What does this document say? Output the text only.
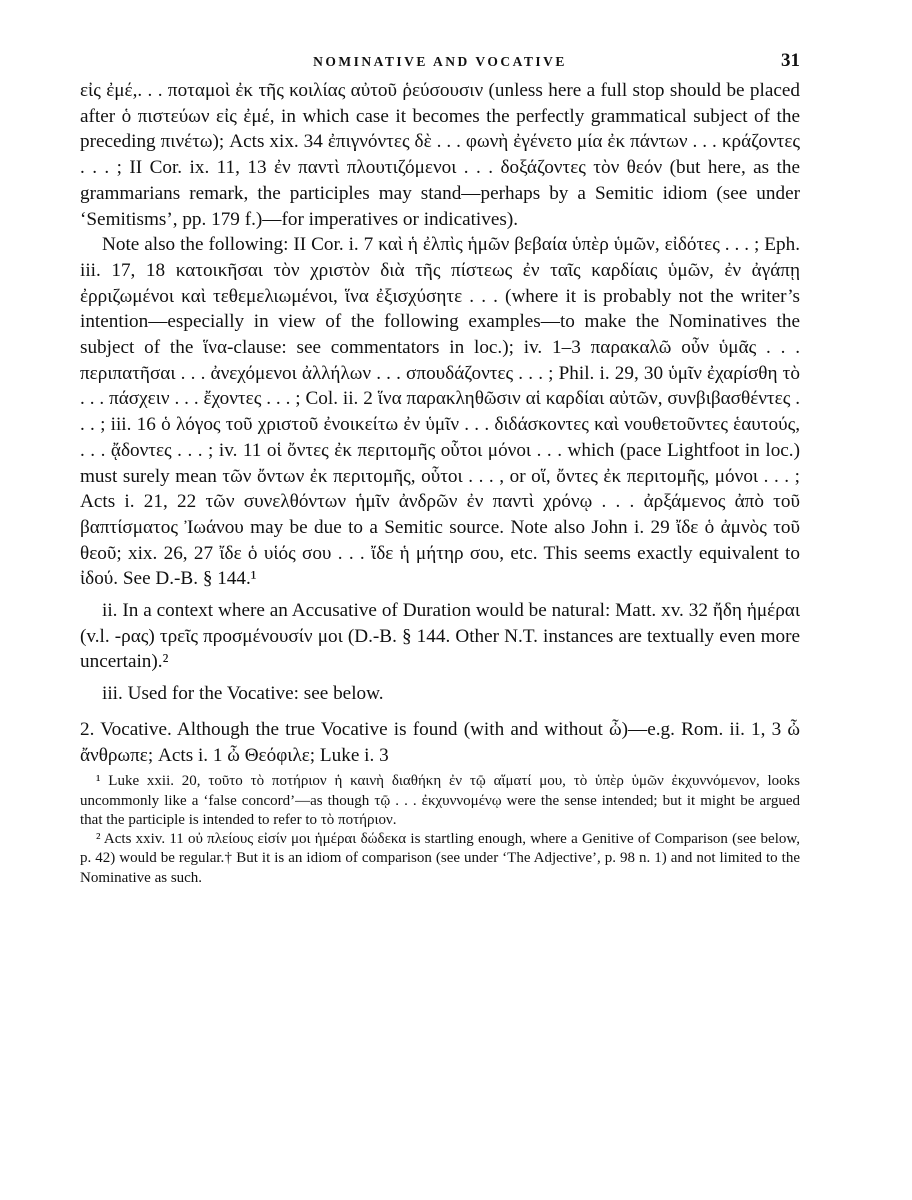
NOMINATIVE AND VOCATIVE	31

εἰς ἐμέ,. . . ποταμοὶ ἐκ τῆς κοιλίας αὐτοῦ ῥεύσουσιν (unless here a full stop should be placed after ὁ πιστεύων εἰς ἐμέ, in which case it becomes the perfectly grammatical subject of the preceding πινέτω); Acts xix. 34 ἐπιγνόντες δὲ . . . φωνὴ ἐγένετο μία ἐκ πάντων . . . κράζοντες . . . ; II Cor. ix. 11, 13 ἐν παντὶ πλουτιζόμενοι . . . δοξάζοντες τὸν θεόν (but here, as the grammarians remark, the participles may stand—perhaps by a Semitic idiom (see under ‘Semitisms’, pp. 179 f.)—for imperatives or indicatives).

Note also the following: II Cor. i. 7 καὶ ἡ ἐλπὶς ἡμῶν βεβαία ὑπὲρ ὑμῶν, εἰδότες . . . ; Eph. iii. 17, 18 κατοικῆσαι τὸν χριστὸν διὰ τῆς πίστεως ἐν ταῖς καρδίαις ὑμῶν, ἐν ἀγάπῃ ἐρριζωμένοι καὶ τεθεμελιωμένοι, ἵνα ἐξισχύσητε . . . (where it is probably not the writer’s intention—especially in view of the following examples—to make the Nominatives the subject of the ἵνα-clause: see commentators in loc.); iv. 1–3 παρακαλῶ οὖν ὑμᾶς . . . περιπατῆσαι . . . ἀνεχόμενοι ἀλλήλων . . . σπουδάζοντες . . . ; Phil. i. 29, 30 ὑμῖν ἐχαρίσθη τὸ . . . πάσχειν . . . ἔχοντες . . . ; Col. ii. 2 ἵνα παρακληθῶσιν αἱ καρδίαι αὐτῶν, συνβιβασθέντες . . . ; iii. 16 ὁ λόγος τοῦ χριστοῦ ἐνοικείτω ἐν ὑμῖν . . . διδάσκοντες καὶ νουθετοῦντες ἑαυτούς, . . . ᾄδοντες . . . ; iv. 11 οἱ ὄντες ἐκ περιτομῆς οὗτοι μόνοι . . . which (pace Lightfoot in loc.) must surely mean τῶν ὄντων ἐκ περιτομῆς, οὗτοι . . . , or οἵ, ὄντες ἐκ περιτομῆς, μόνοι . . . ; Acts i. 21, 22 τῶν συνελθόντων ἡμῖν ἀνδρῶν ἐν παντὶ χρόνῳ . . . ἀρξάμενος ἀπὸ τοῦ βαπτίσματος Ἰωάνου may be due to a Semitic source. Note also John i. 29 ἴδε ὁ ἀμνὸς τοῦ θεοῦ; xix. 26, 27 ἴδε ὁ υἱός σου . . . ἴδε ἡ μήτηρ σου, etc. This seems exactly equivalent to ἰδού. See D.-B. § 144.¹

ii. In a context where an Accusative of Duration would be natural: Matt. xv. 32 ἤδη ἡμέραι (v.l. -ρας) τρεῖς προσμένουσίν μοι (D.-B. § 144. Other N.T. instances are textually even more uncertain).²

iii. Used for the Vocative: see below.

2. Vocative. Although the true Vocative is found (with and without ὦ)—e.g. Rom. ii. 1, 3 ὦ ἄνθρωπε; Acts i. 1 ὦ Θεόφιλε; Luke i. 3

¹ Luke xxii. 20, τοῦτο τὸ ποτήριον ἡ καινὴ διαθήκη ἐν τῷ αἵματί μου, τὸ ὑπὲρ ὑμῶν ἐκχυννόμενον, looks uncommonly like a ‘false concord’—as though τῷ . . . ἐκχυννομένῳ were the sense intended; but it might be argued that the participle is intended to refer to τὸ ποτήριον.

² Acts xxiv. 11 οὐ πλείους εἰσίν μοι ἡμέραι δώδεκα is startling enough, where a Genitive of Comparison (see below, p. 42) would be regular.† But it is an idiom of comparison (see under ‘The Adjective’, p. 98 n. 1) and not limited to the Nominative as such.
